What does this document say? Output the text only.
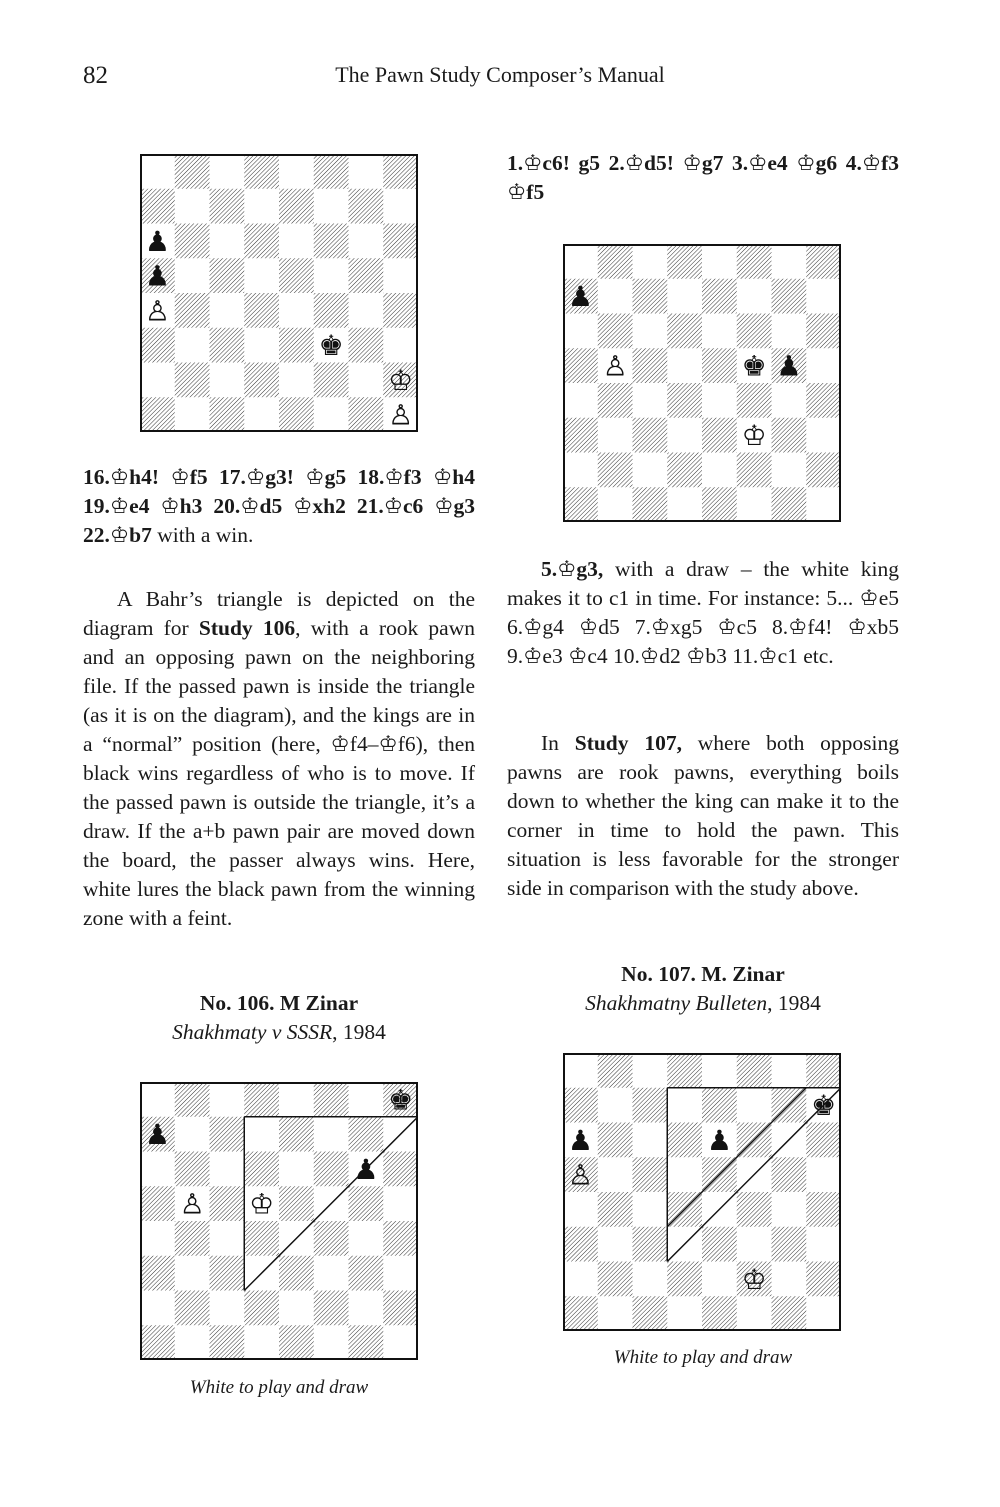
82	The Pawn Study Composer’s Manual
♟
♟
♙
♚
♔
♙
16.♔h4! ♔f5 17.♔g3! ♔g5 18.♔f3 ♔h4 19.♔e4 ♔h3 20.♔d5 ♔xh2 21.♔c6 ♔g3 22.♔b7 with a win.

A Bahr’s triangle is depicted on the diagram for Study 106, with a rook pawn and an opposing pawn on the neighboring file. If the passed pawn is inside the triangle (as it is on the diagram), and the kings are in a “normal” position (here, ♔f4–♔f6), then black wins regardless of who is to move. If the passed pawn is outside the triangle, it’s a draw. If the a+b pawn pair are moved down the board, the passer always wins. Here, white lures the black pawn from the winning zone with a feint.

No. 106. M Zinar
Shakhmaty v SSSR, 1984
♚
♟
♟
♙ ♔
White to play and draw
1.♔c6! g5 2.♔d5! ♔g7 3.♔e4 ♔g6 4.♔f3 ♔f5
♟
♙	♚ ♟
♔

5.♔g3, with a draw – the white king makes it to c1 in time. For instance: 5... ♔e5 6.♔g4 ♔d5 7.♔xg5 ♔c5 8.♔f4! ♔xb5 9.♔e3 ♔c4 10.♔d2 ♔b3 11.♔c1 etc.

In Study 107, where both opposing pawns are rook pawns, everything boils down to whether the king can make it to the corner in time to hold the pawn. This situation is less favorable for the stronger side in comparison with the study above.

No. 107. M. Zinar
Shakhmatny Bulleten, 1984
♚
♟
♟
♙
♔
White to play and draw
